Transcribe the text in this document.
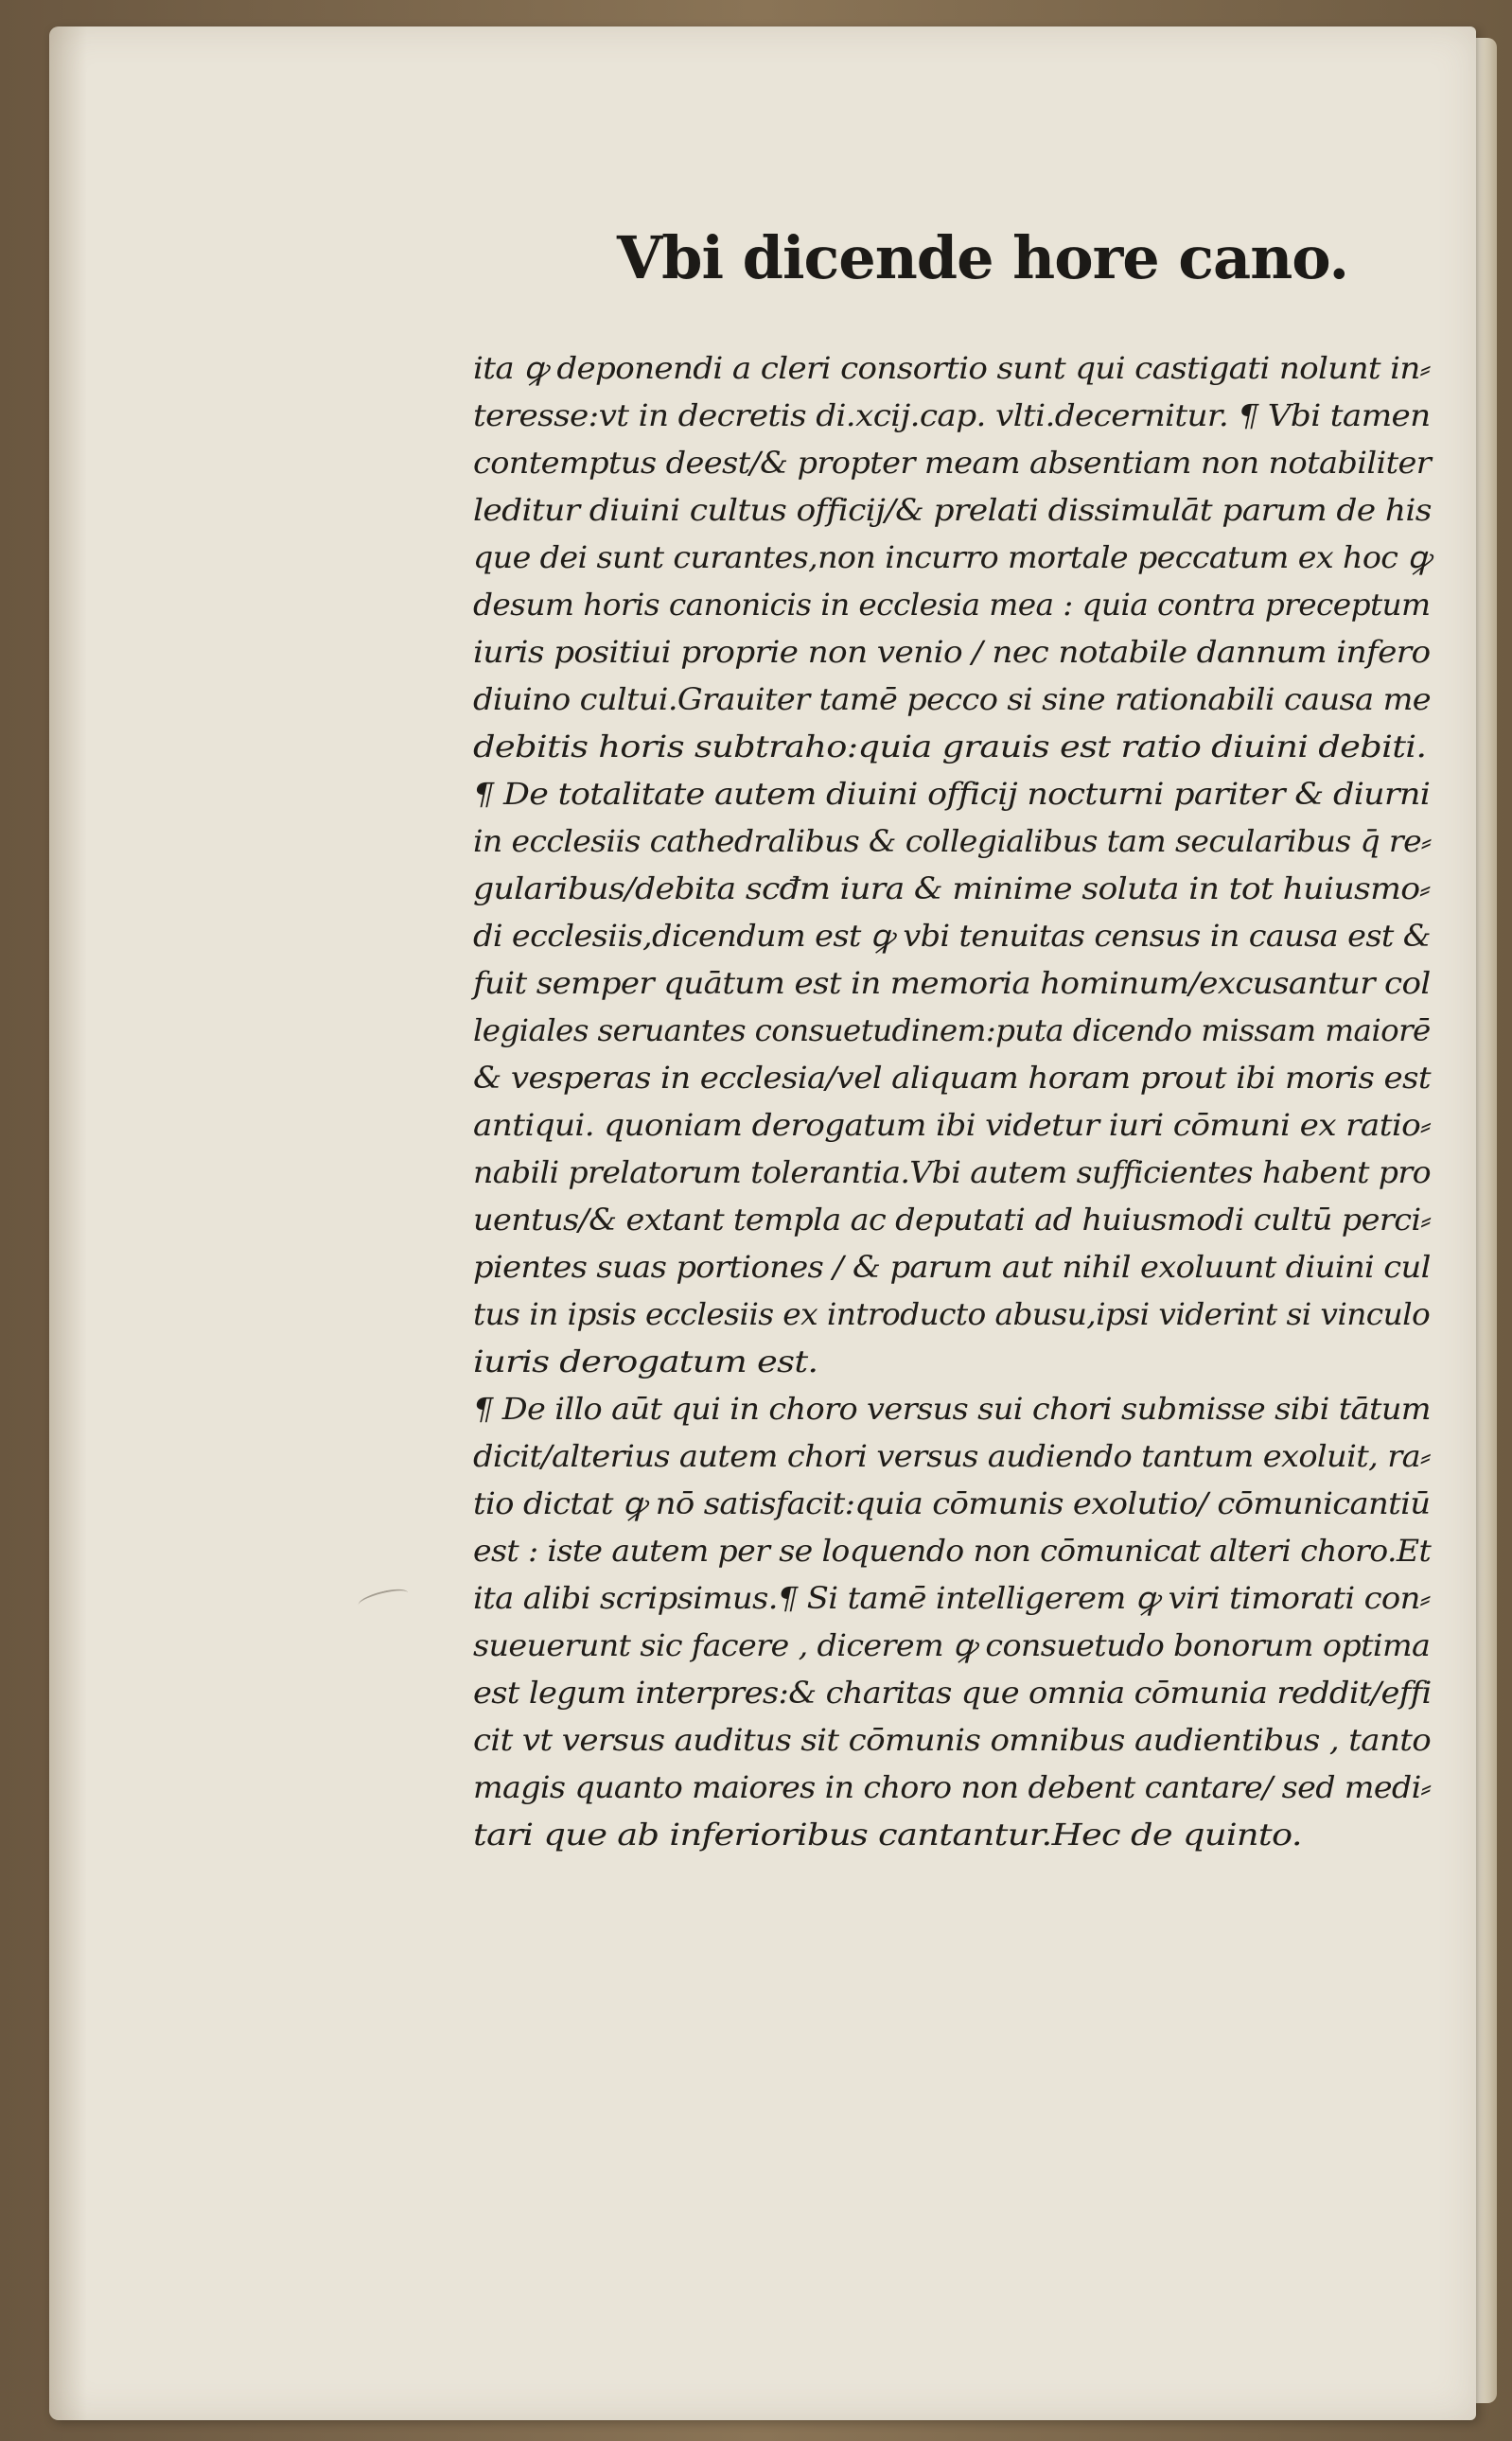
Vbi dicende hore cano.
ita ꝙ deponendi a cleri consortio sunt qui castigati nolunt in⸗
teresse:vt in decretis di.xcij.cap. vlti.decernitur. ¶ Vbi tamen
contemptus deest/& propter meam absentiam non notabiliter
leditur diuini cultus officij/& prelati dissimulāt parum de his
que dei sunt curantes,non incurro mortale peccatum ex hoc ꝙ
desum horis canonicis in ecclesia mea : quia contra preceptum
iuris positiui proprie non venio / nec notabile dannum infero
diuino cultui.Grauiter tamē pecco si sine rationabili causa me
debitis horis subtraho:quia grauis est ratio diuini debiti.
¶ De totalitate autem diuini officij nocturni pariter & diurni
in ecclesiis cathedralibus & collegialibus tam secularibus q̄ re⸗
gularibus/debita scđm iura & minime soluta in tot huiusmo⸗
di ecclesiis,dicendum est ꝙ vbi tenuitas census in causa est &
fuit semper quātum est in memoria hominum/excusantur col
legiales seruantes consuetudinem:puta dicendo missam maiorē
& vesperas in ecclesia/vel aliquam horam prout ibi moris est
antiqui. quoniam derogatum ibi videtur iuri cōmuni ex ratio⸗
nabili prelatorum tolerantia.Vbi autem sufficientes habent pro
uentus/& extant templa ac deputati ad huiusmodi cultū perci⸗
pientes suas portiones / & parum aut nihil exoluunt diuini cul
tus in ipsis ecclesiis ex introducto abusu,ipsi viderint si vinculo
iuris derogatum est.
¶ De illo aūt qui in choro versus sui chori submisse sibi tātum
dicit/alterius autem chori versus audiendo tantum exoluit, ra⸗
tio dictat ꝙ nō satisfacit:quia cōmunis exolutio/ cōmunicantiū
est : iste autem per se loquendo non cōmunicat alteri choro.Et
ita alibi scripsimus.¶ Si tamē intelligerem ꝙ viri timorati con⸗
sueuerunt sic facere , dicerem ꝙ consuetudo bonorum optima
est legum interpres:& charitas que omnia cōmunia reddit/effi
cit vt versus auditus sit cōmunis omnibus audientibus , tanto
magis quanto maiores in choro non debent cantare/ sed medi⸗
tari que ab inferioribus cantantur.Hec de quinto.
